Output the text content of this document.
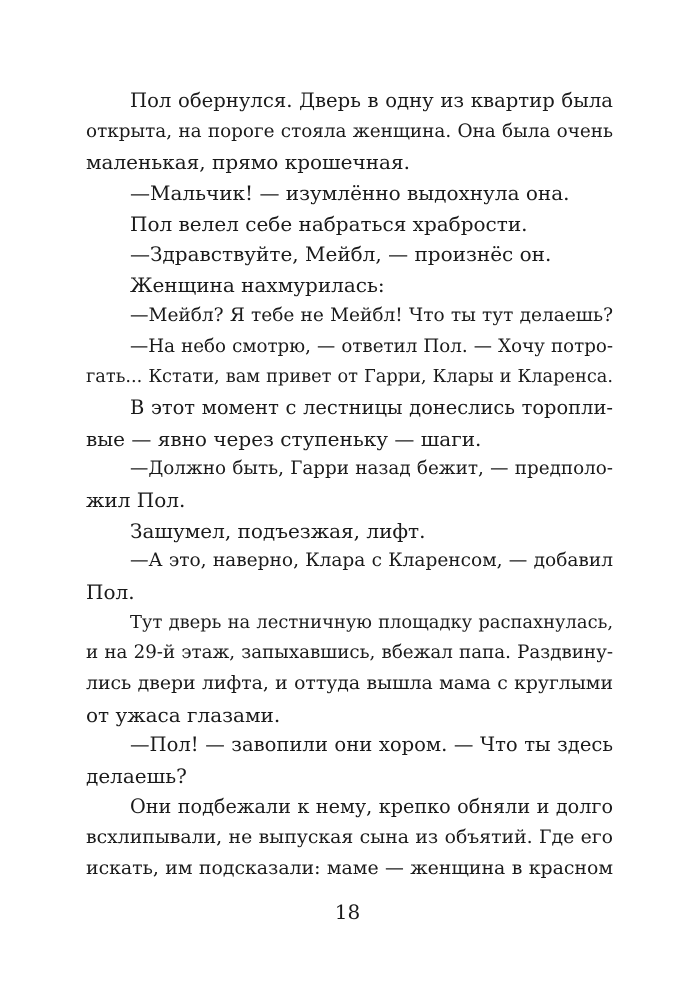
Пол обернулся. Дверь в одну из квартир была
открыта, на пороге стояла женщина. Она была очень
маленькая, прямо крошечная.
—Мальчик! — изумлённо выдохнула она.
Пол велел себе набраться храбрости.
—Здравствуйте, Мейбл, — произнёс он.
Женщина нахмурилась:
—Мейбл? Я тебе не Мейбл! Что ты тут делаешь?
—На небо смотрю, — ответил Пол. — Хочу потро-
гать... Кстати, вам привет от Гарри, Клары и Кларенса.
В этот момент с лестницы донеслись торопли-
вые — явно через ступеньку — шаги.
—Должно быть, Гарри назад бежит, — предполо-
жил Пол.
Зашумел, подъезжая, лифт.
—А это, наверно, Клара с Кларенсом, — добавил
Пол.
Тут дверь на лестничную площадку распахнулась,
и на 29-й этаж, запыхавшись, вбежал папа. Раздвину-
лись двери лифта, и оттуда вышла мама с круглыми
от ужаса глазами.
—Пол! — завопили они хором. — Что ты здесь
делаешь?
Они подбежали к нему, крепко обняли и долго
всхлипывали, не выпуская сына из объятий. Где его
искать, им подсказали: маме — женщина в красном
18
